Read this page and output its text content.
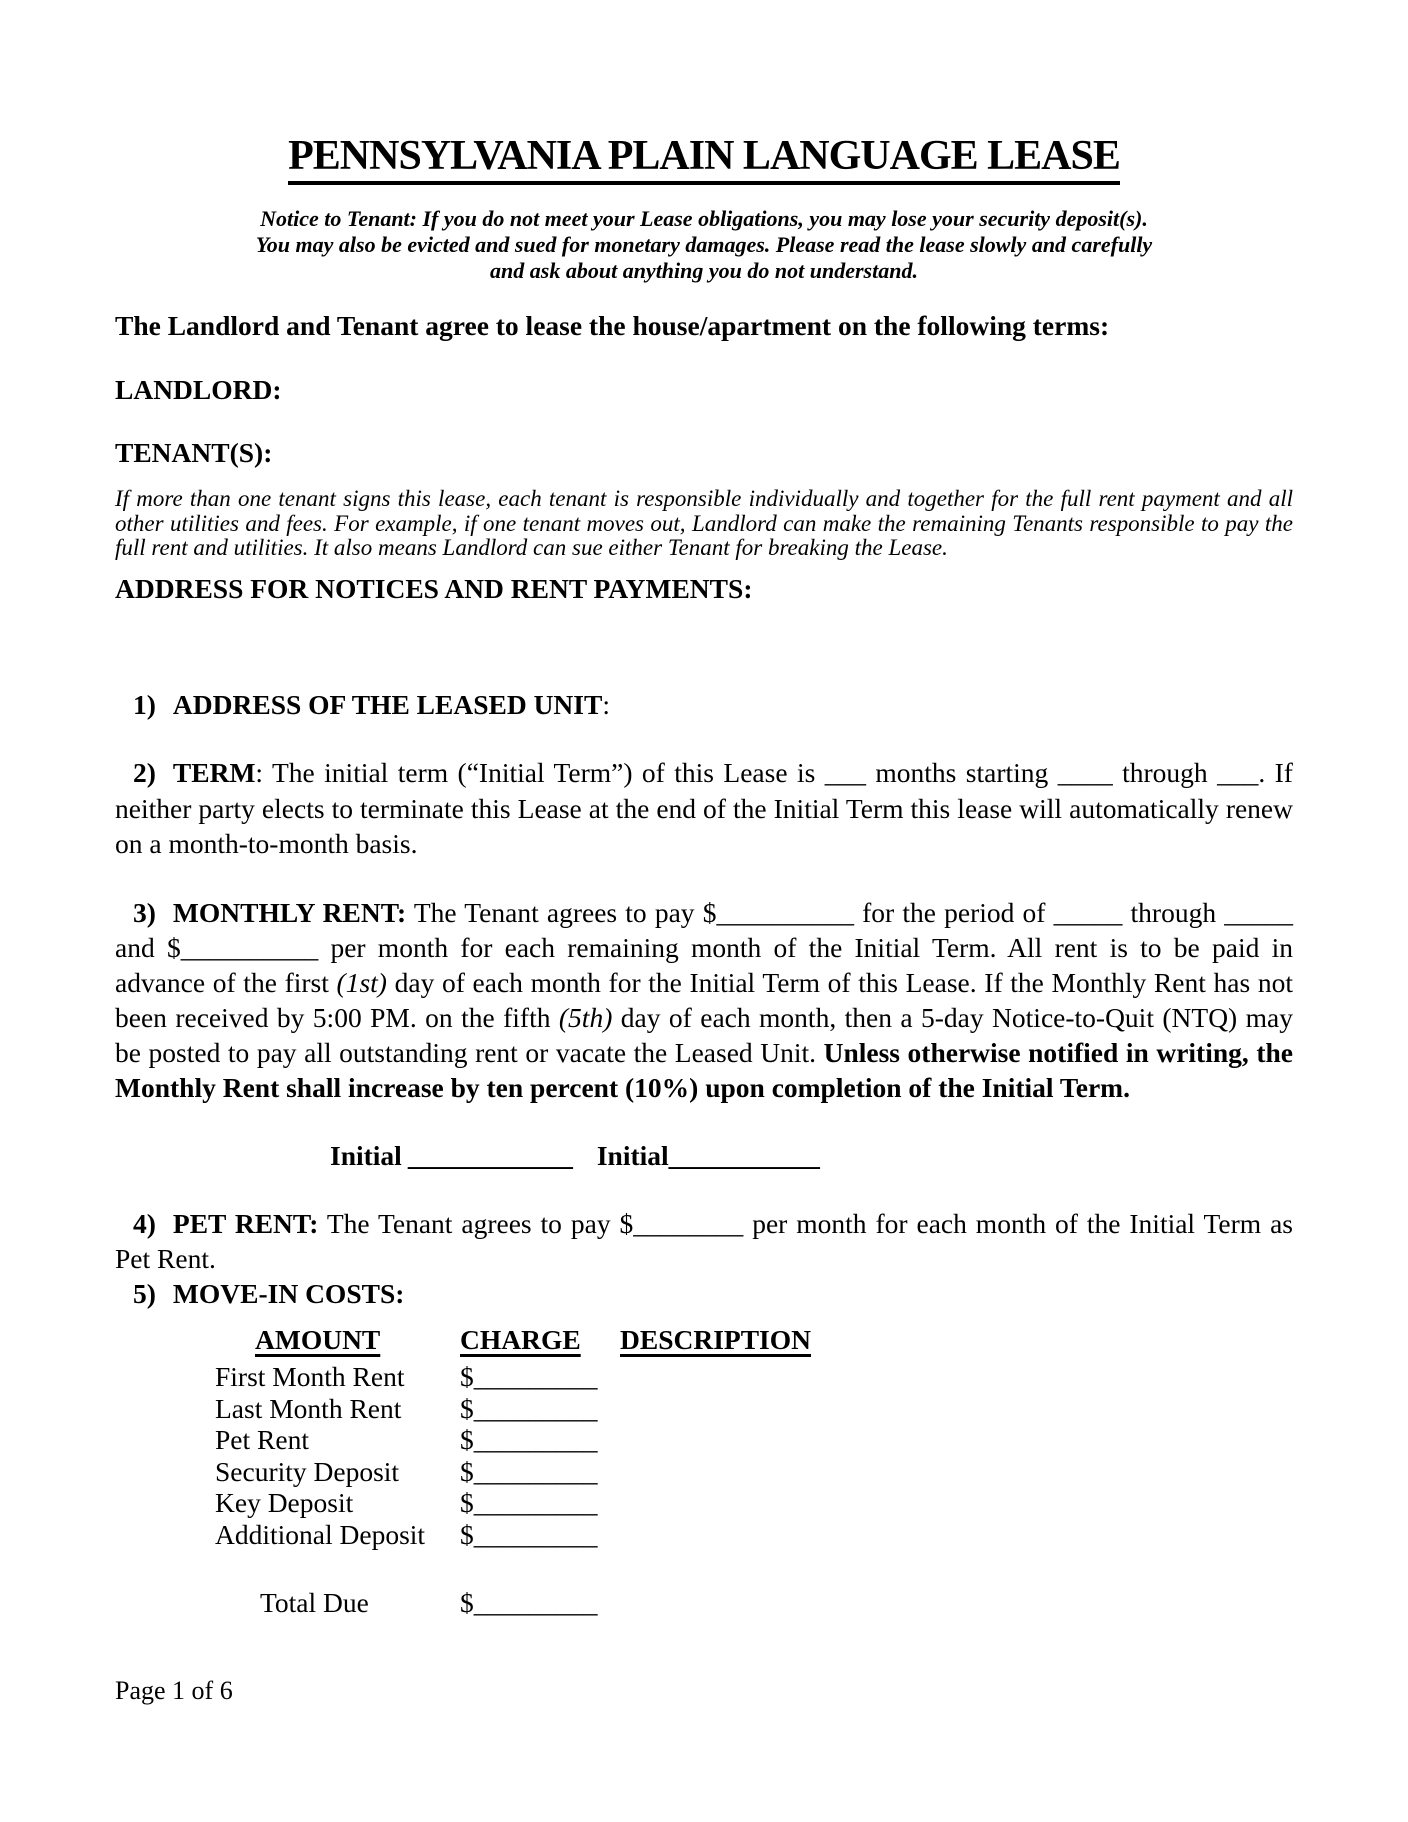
PENNSYLVANIA PLAIN LANGUAGE LEASE
Notice to Tenant: If you do not meet your Lease obligations, you may lose your security deposit(s).
You may also be evicted and sued for monetary damages. Please read the lease slowly and carefully
and ask about anything you do not understand.
The Landlord and Tenant agree to lease the house/apartment on the following terms:
LANDLORD:
TENANT(S):
If more than one tenant signs this lease, each tenant is responsible individually and together for the full rent payment and all other utilities and fees. For example, if one tenant moves out, Landlord can make the remaining Tenants responsible to pay the full rent and utilities. It also means Landlord can sue either Tenant for breaking the Lease.
ADDRESS FOR NOTICES AND RENT PAYMENTS:
1) ADDRESS OF THE LEASED UNIT:
2) TERM: The initial term (“Initial Term”) of this Lease is ___ months starting ____ through ___. If neither party elects to terminate this Lease at the end of the Initial Term this lease will automatically renew on a month-to-month basis.
3) MONTHLY RENT: The Tenant agrees to pay $__________ for the period of _____ through _____ and $__________ per month for each remaining month of the Initial Term. All rent is to be paid in advance of the first (1st) day of each month for the Initial Term of this Lease. If the Monthly Rent has not been received by 5:00 PM. on the fifth (5th) day of each month, then a 5-day Notice-to-Quit (NTQ) may be posted to pay all outstanding rent or vacate the Leased Unit. Unless otherwise notified in writing, the Monthly Rent shall increase by ten percent (10%) upon completion of the Initial Term.
Initial ____________ Initial___________
4) PET RENT: The Tenant agrees to pay $________ per month for each month of the Initial Term as Pet Rent.
5) MOVE-IN COSTS:
AMOUNT	CHARGE	DESCRIPTION
First Month Rent	$_________
Last Month Rent	$_________
Pet Rent	$_________
Security Deposit	$_________
Key Deposit	$_________
Additional Deposit	$_________
Total Due	$_________
Page 1 of 6
